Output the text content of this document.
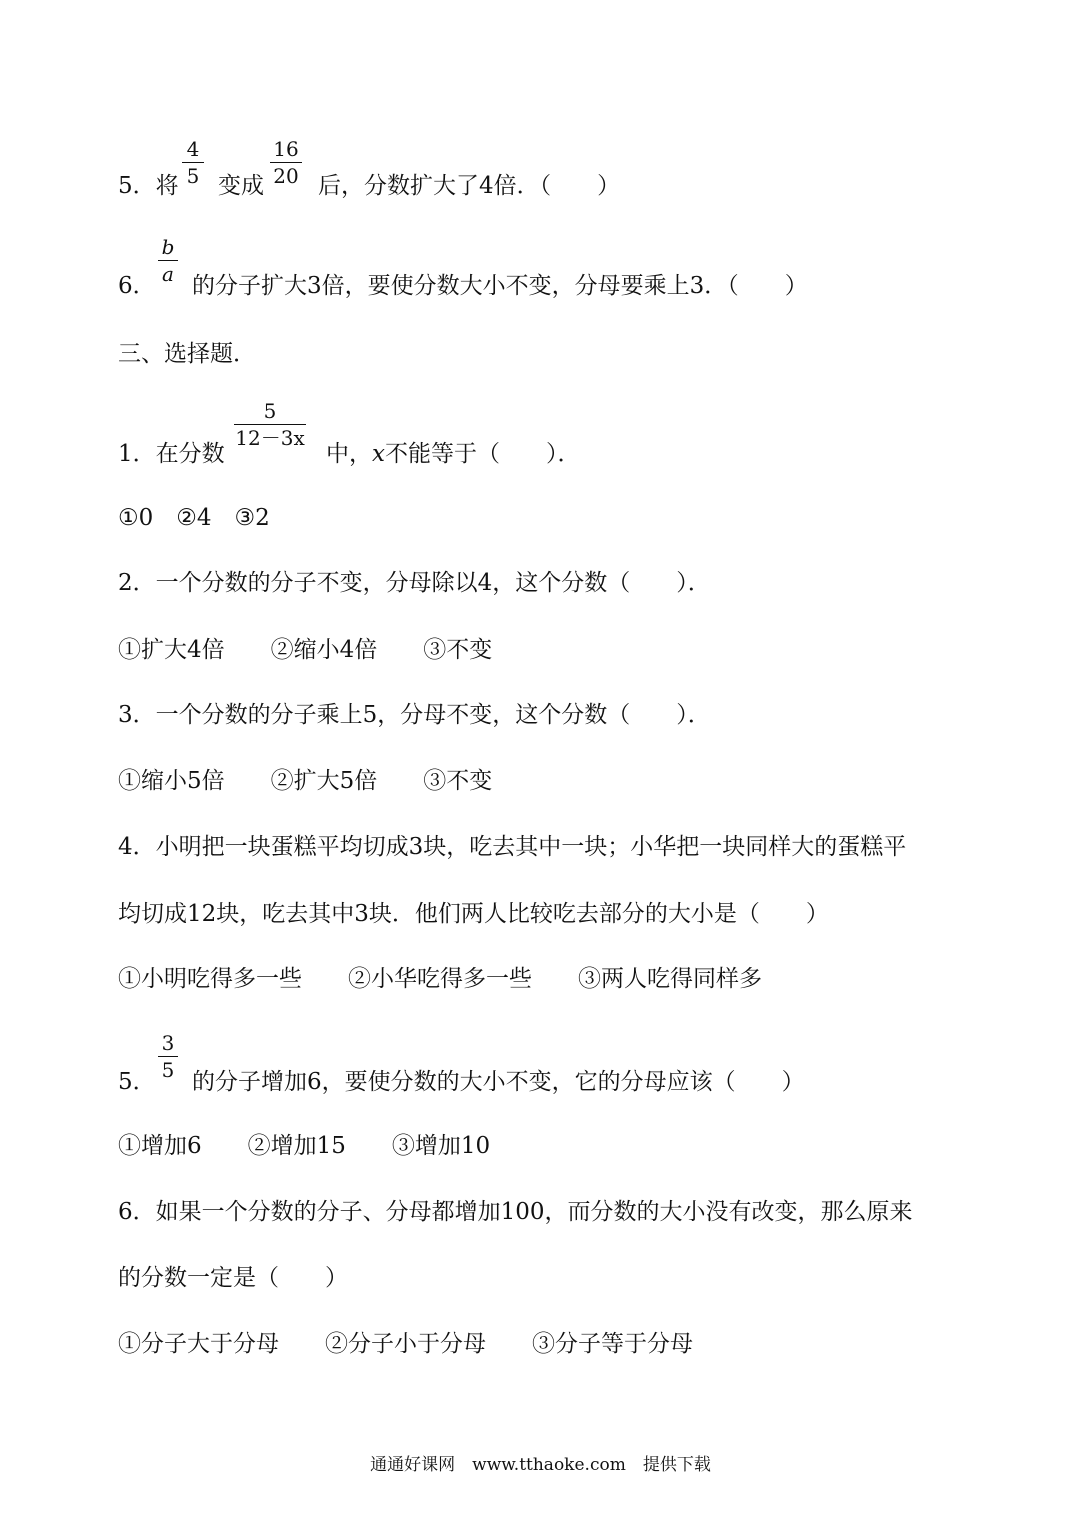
5．将
4
5 变成
16
20 后，分数扩大了4倍．（　　）
6．
b
a 的分子扩大3倍，要使分数大小不变，分母要乘上3．（　　）
三、选择题．
1．在分数
5
12－3x
中，x不能等于（　　）．
①0　②4　③2
2．一个分数的分子不变，分母除以4，这个分数（　　）．
①扩大4倍　　②缩小4倍　　③不变
3．一个分数的分子乘上5，分母不变，这个分数（　　）．
①缩小5倍　　②扩大5倍　　③不变
4．小明把一块蛋糕平均切成3块，吃去其中一块；小华把一块同样大的蛋糕平
均切成12块，吃去其中3块．他们两人比较吃去部分的大小是（　　）
①小明吃得多一些　　②小华吃得多一些　　③两人吃得同样多
5．
3
5 的分子增加6，要使分数的大小不变，它的分母应该（　　）
①增加6　　②增加15　　③增加10
6．如果一个分数的分子、分母都增加100，而分数的大小没有改变，那么原来
的分数一定是（　　）
①分子大于分母　　②分子小于分母　　③分子等于分母
通通好课网　www.tthaoke.com　提供下载
